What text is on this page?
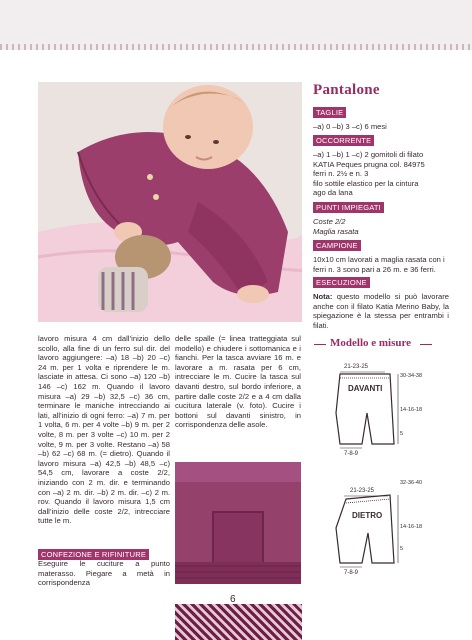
Pantalone
TAGLIE

–a) 0 –b) 3 –c) 6 mesi

OCCORRENTE

–a) 1 –b) 1 –c) 2 gomitoli di filato

KATIA Peques prugna col. 84975

ferri n. 2½ e n. 3

filo sottile elastico per la cintura

ago da lana

PUNTI IMPIEGATI

Coste 2/2

Maglia rasata

CAMPIONE

10x10 cm lavorati a maglia rasata con i ferri n. 3 sono pari a 26 m. e 36 ferri.

ESECUZIONE

Nota: questo modello si può lavorare anche con il filato Katia Merino Baby, la spiegazione è la stessa per entrambi i filati.

lavoro misura 4 cm dall’inizio dello scollo, alla fine di un ferro sul dir. del lavoro aggiungere: –a) 18 –b) 20 –c) 24 m. per 1 volta e riprendere le m. lasciate in attesa. Ci sono –a) 120 –b) 146 –c) 162 m. Quando il lavoro misura –a) 29 –b) 32,5 –c) 36 cm, terminare le maniche intrecciando ai lati, all’inizio di ogni ferro: –a) 7 m. per 1 volta, 6 m. per 4 volte –b) 9 m. per 2 volte, 8 m. per 3 volte –c) 10 m. per 2 volte, 9 m. per 3 volte. Restano –a) 58 –b) 62 –c) 68 m. (= dietro). Quando il lavoro misura –a) 42,5 –b) 48,5 –c) 54,5 cm, lavorare a coste 2/2, iniziando con 2 m. dir. e terminando con –a) 2 m. dir. –b) 2 m. dir. –c) 2 m. rov. Quando il lavoro misura 1,5 cm dall’inizio delle coste 2/2, intrecciare tutte le m.

CONFEZIONE E RIFINITURE

Eseguire le cuciture a punto materasso. Piegare a metà in corrispondenza

delle spalle (= linea tratteggiata sul modello) e chiudere i sottomanica e i fianchi. Per la tasca avviare 16 m. e lavorare a m. rasata per 6 cm, intrecciare le m. Cucire la tasca sul davanti destro, sul bordo inferiore, a partire dalle coste 2/2 e a 4 cm dalla cucitura laterale (v. foto). Cucire i bottoni sul davanti sinistro, in corrispondenza delle asole.

Modello e misure
21-23-25
DAVANTI
30-34-38
14-16-18
5
7-8-9
21-23-25
DIETRO
32-36-40
14-16-18
5
7-8-9
6
